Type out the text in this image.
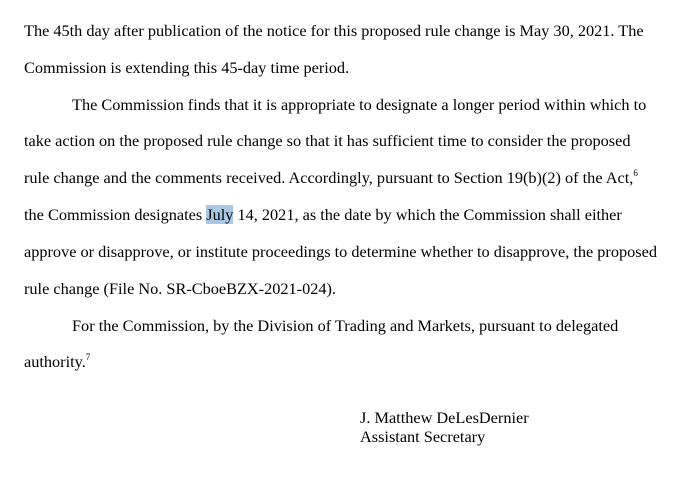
The 45th day after publication of the notice for this proposed rule change is May 30, 2021. The
Commission is extending this 45-day time period.
The Commission finds that it is appropriate to designate a longer period within which to
take action on the proposed rule change so that it has sufficient time to consider the proposed
rule change and the comments received. Accordingly, pursuant to Section 19(b)(2) of the Act,$^6$
the Commission designates July 14, 2021, as the date by which the Commission shall either
approve or disapprove, or institute proceedings to determine whether to disapprove, the proposed
rule change (File No. SR-CboeBZX-2021-024).
For the Commission, by the Division of Trading and Markets, pursuant to delegated
authority.$^7$
J. Matthew DeLesDernier
Assistant Secretary
